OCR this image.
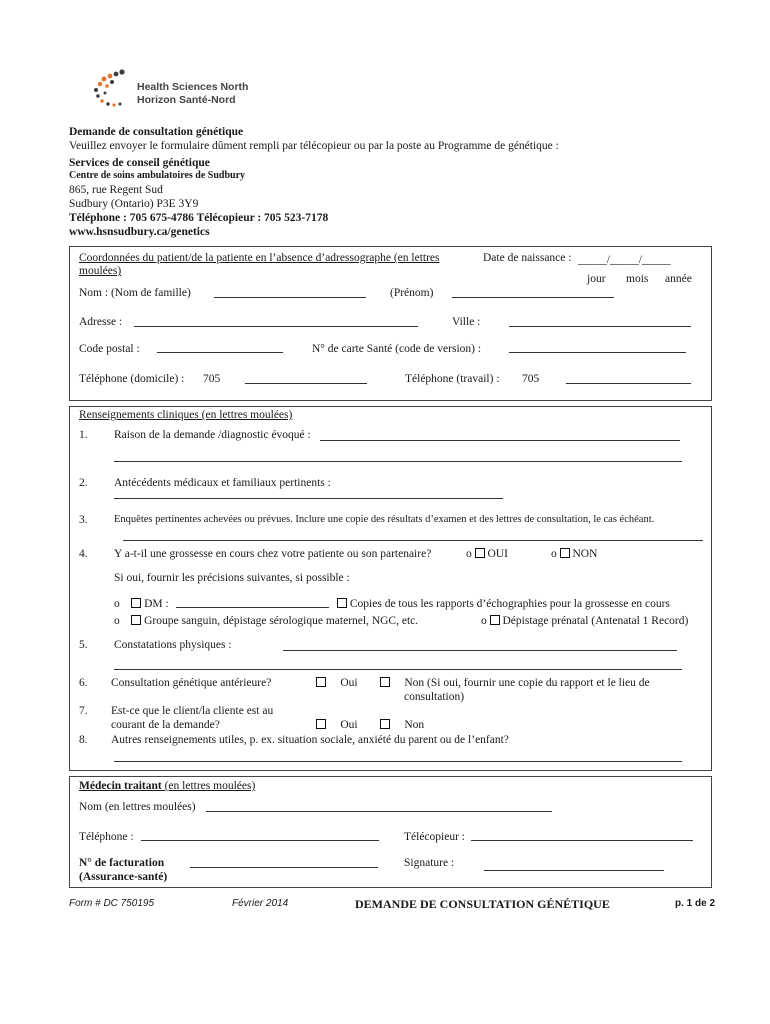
Health Sciences North
Horizon Santé-Nord
Demande de consultation génétique
Veuillez envoyer le formulaire dûment rempli par télécopieur ou par la poste au Programme de génétique :
Services de conseil génétique
Centre de soins ambulatoires de Sudbury
865, rue Regent Sud
Sudbury (Ontario) P3E 3Y9
Téléphone : 705 675-4786 Télécopieur : 705 523-7178
www.hsnsudbury.ca/genetics
Coordonnées du patient/de la patiente en l’absence d’adressographe (en lettres
moulées)
Date de naissance : _____/_____/_____
jour mois année
Nom : (Nom de famille)	(Prénom)
Adresse :	Ville :
Code postal :	N° de carte Santé (code de version) :
Téléphone (domicile) : 705	Téléphone (travail) : 705
Renseignements cliniques (en lettres moulées)
1. Raison de la demande /diagnostic évoqué :
2. Antécédents médicaux et familiaux pertinents :
3.	Enquêtes pertinentes achevées ou prévues. Inclure une copie des résultats d’examen et des lettres de consultation, le cas échéant.
4. Y a-t-il une grossesse en cours chez votre patiente ou son partenaire?	o OUI	o NON
Si oui, fournir les précisions suivantes, si possible :
o DM :	Copies de tous les rapports d’échographies pour la grossesse en cours
o Groupe sanguin, dépistage sérologique maternel, NGC, etc.	o Dépistage prénatal (Antenatal 1 Record)
5. Constatations physiques :
6. Consultation génétique antérieure?	Oui	Non (Si oui, fournir une copie du rapport et le lieu de
consultation)
7. Est-ce que le client/la cliente est au
courant de la demande?	Oui	Non
8. Autres renseignements utiles, p. ex. situation sociale, anxiété du parent ou de l’enfant?
Médecin traitant (en lettres moulées)
Nom (en lettres moulées)
Téléphone :	Télécopieur :
N° de facturation
(Assurance-santé)
Signature :
Form # DC 750195	Février 2014	DEMANDE DE CONSULTATION GÉNÉTIQUE	p. 1 de 2
